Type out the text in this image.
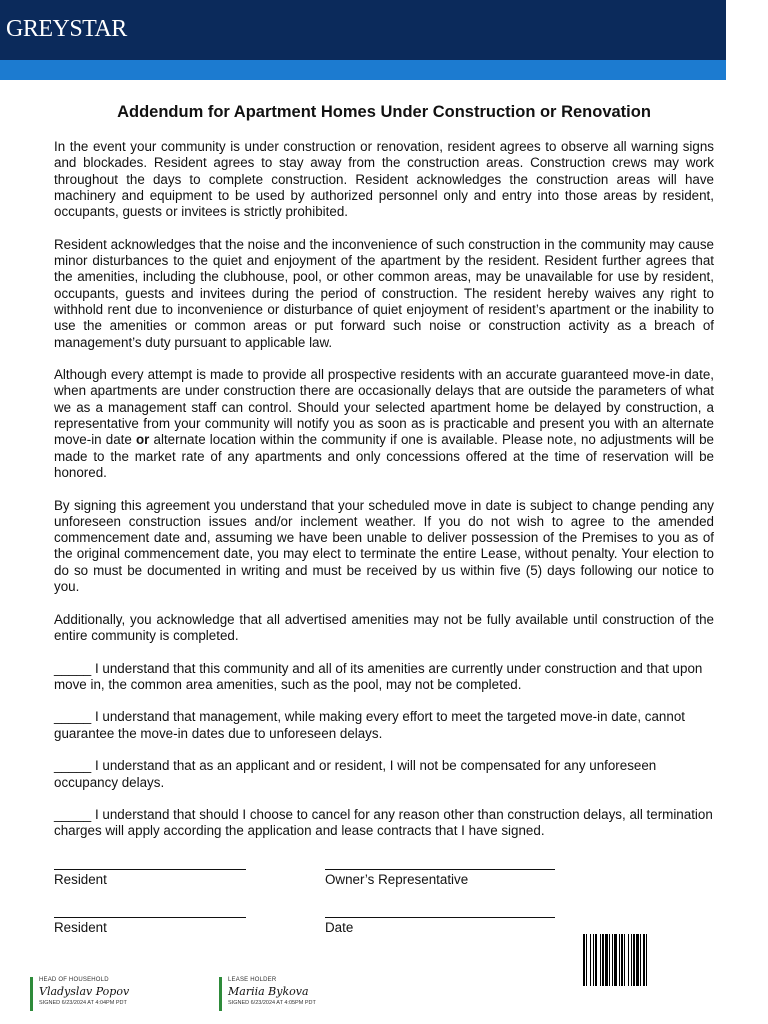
GREYSTAR
Addendum for Apartment Homes Under Construction or Renovation

In the event your community is under construction or renovation, resident agrees to observe all warning signs and blockades. Resident agrees to stay away from the construction areas. Construction crews may work throughout the days to complete construction. Resident acknowledges the construction areas will have machinery and equipment to be used by authorized personnel only and entry into those areas by resident, occupants, guests or invitees is strictly prohibited.

Resident acknowledges that the noise and the inconvenience of such construction in the community may cause minor disturbances to the quiet and enjoyment of the apartment by the resident. Resident further agrees that the amenities, including the clubhouse, pool, or other common areas, may be unavailable for use by resident, occupants, guests and invitees during the period of construction. The resident hereby waives any right to withhold rent due to inconvenience or disturbance of quiet enjoyment of resident’s apartment or the inability to use the amenities or common areas or put forward such noise or construction activity as a breach of management’s duty pursuant to applicable law.

Although every attempt is made to provide all prospective residents with an accurate guaranteed move-in date, when apartments are under construction there are occasionally delays that are outside the parameters of what we as a management staff can control. Should your selected apartment home be delayed by construction, a representative from your community will notify you as soon as is practicable and present you with an alternate move-in date or alternate location within the community if one is available. Please note, no adjustments will be made to the market rate of any apartments and only concessions offered at the time of reservation will be honored.

By signing this agreement you understand that your scheduled move in date is subject to change pending any unforeseen construction issues and/or inclement weather. If you do not wish to agree to the amended commencement date and, assuming we have been unable to deliver possession of the Premises to you as of the original commencement date, you may elect to terminate the entire Lease, without penalty. Your election to do so must be documented in writing and must be received by us within five (5) days following our notice to you.

Additionally, you acknowledge that all advertised amenities may not be fully available until construction of the entire community is completed.

_____ I understand that this community and all of its amenities are currently under construction and that upon move in, the common area amenities, such as the pool, may not be completed.

_____ I understand that management, while making every effort to meet the targeted move-in date, cannot guarantee the move-in dates due to unforeseen delays.

_____ I understand that as an applicant and or resident, I will not be compensated for any unforeseen occupancy delays.

_____ I understand that should I choose to cancel for any reason other than construction delays, all termination charges will apply according the application and lease contracts that I have signed.

Resident	Owner’s Representative
Resident	Date
HEAD OF HOUSEHOLD
Vladyslav Popov
SIGNED 6/23/2024 AT 4:04PM PDT
LEASE HOLDER
Mariia Bykova
SIGNED 6/23/2024 AT 4:05PM PDT
